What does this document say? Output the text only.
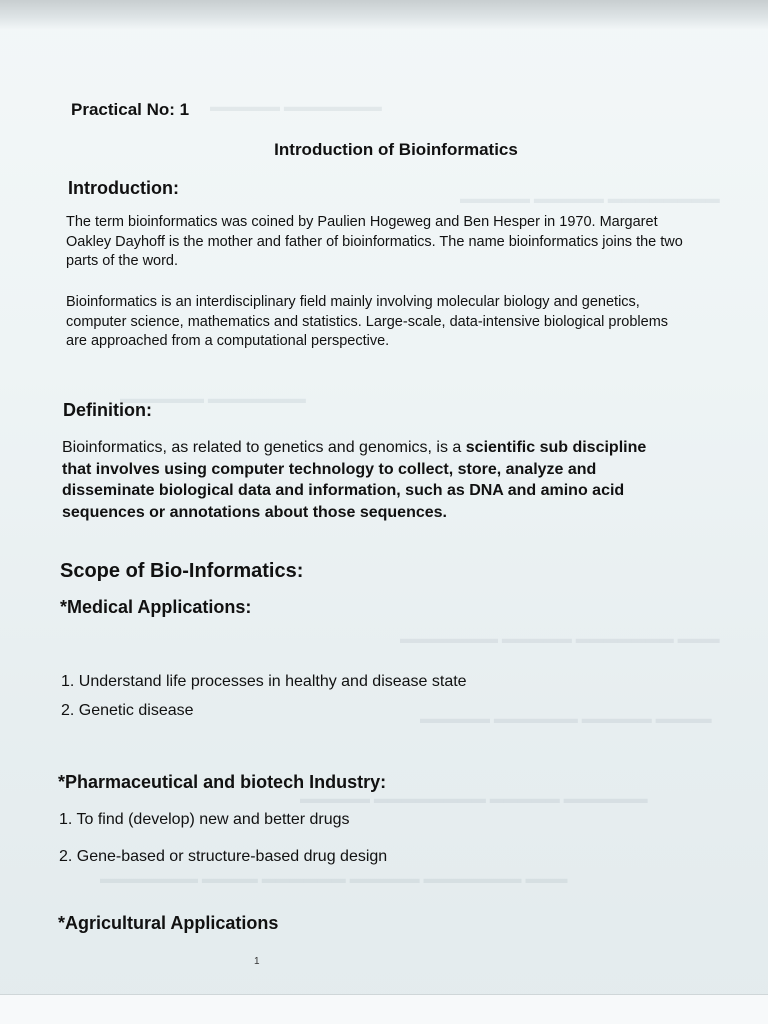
▬▬▬▬▬ ▬▬▬▬▬▬▬
▬▬▬▬▬ ▬▬▬▬▬ ▬▬▬▬▬▬▬▬
▬▬▬▬▬▬ ▬▬▬▬▬▬▬
▬▬▬▬▬▬▬ ▬▬▬▬▬ ▬▬▬▬▬▬▬ ▬▬▬
▬▬▬▬▬ ▬▬▬▬▬▬ ▬▬▬▬▬ ▬▬▬▬
▬▬▬▬▬ ▬▬▬▬▬▬▬▬ ▬▬▬▬▬ ▬▬▬▬▬▬
▬▬▬▬▬▬▬ ▬▬▬▬ ▬▬▬▬▬▬ ▬▬▬▬▬ ▬▬▬▬▬▬▬ ▬▬▬
Practical No: 1
Introduction of Bioinformatics
Introduction:
The term bioinformatics was coined by Paulien Hogeweg and Ben Hesper in 1970. Margaret Oakley Dayhoff is the mother and father of bioinformatics. The name bioinformatics joins the two parts of the word.
Bioinformatics is an interdisciplinary field mainly involving molecular biology and genetics, computer science, mathematics and statistics. Large-scale, data-intensive biological problems are approached from a computational perspective.
Definition:
Bioinformatics, as related to genetics and genomics, is a scientific sub discipline that involves using computer technology to collect, store, analyze and disseminate biological data and information, such as DNA and amino acid sequences or annotations about those sequences.
Scope of Bio-Informatics:
*Medical Applications:
1. Understand life processes in healthy and disease state
2. Genetic disease
*Pharmaceutical and biotech Industry:
1. To find (develop) new and better drugs
2. Gene-based or structure-based drug design
*Agricultural Applications
1
